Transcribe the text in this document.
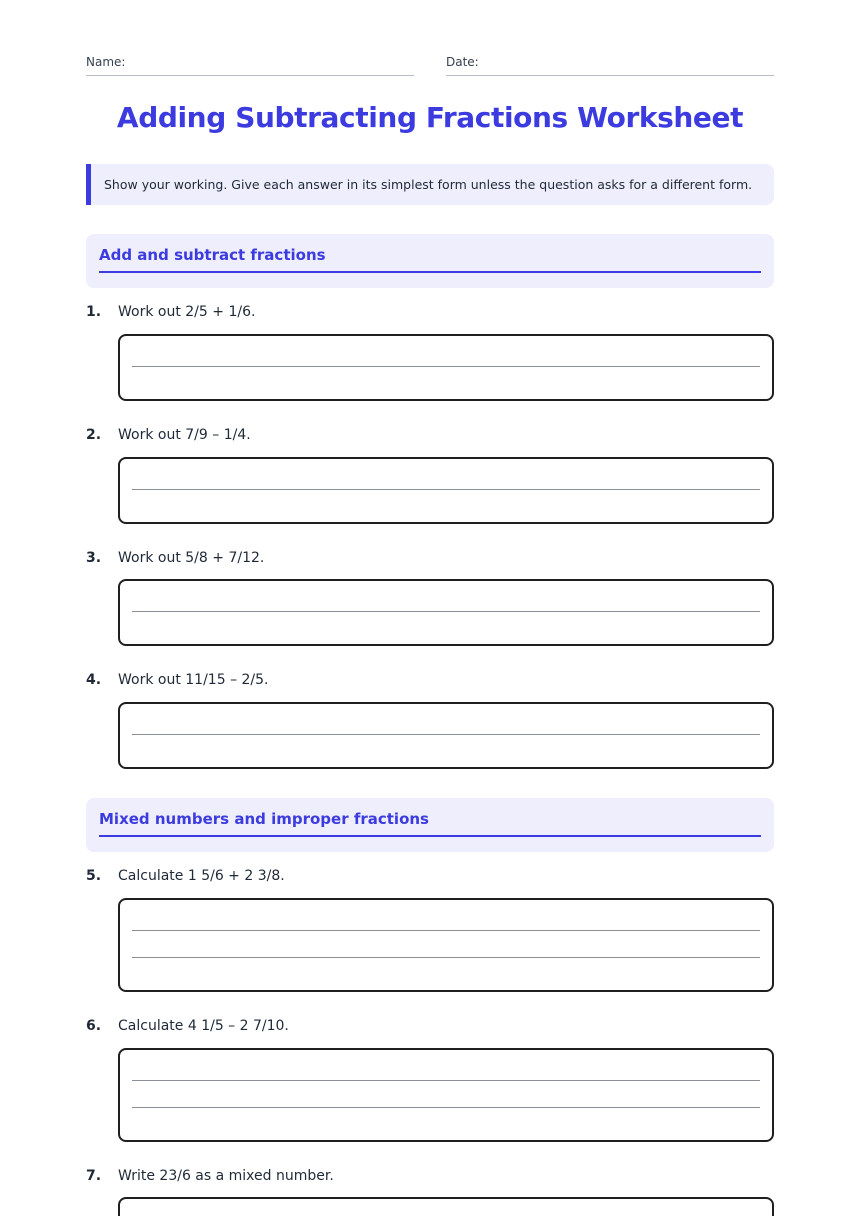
Name:	Date:
Adding Subtracting Fractions Worksheet
Show your working. Give each answer in its simplest form unless the question asks for a different form.
Add and subtract fractions
1. Work out 2/5 + 1/6.
2. Work out 7/9 – 1/4.
3. Work out 5/8 + 7/12.
4. Work out 11/15 – 2/5.
Mixed numbers and improper fractions
5. Calculate 1 5/6 + 2 3/8.
6. Calculate 4 1/5 – 2 7/10.
7. Write 23/6 as a mixed number.
